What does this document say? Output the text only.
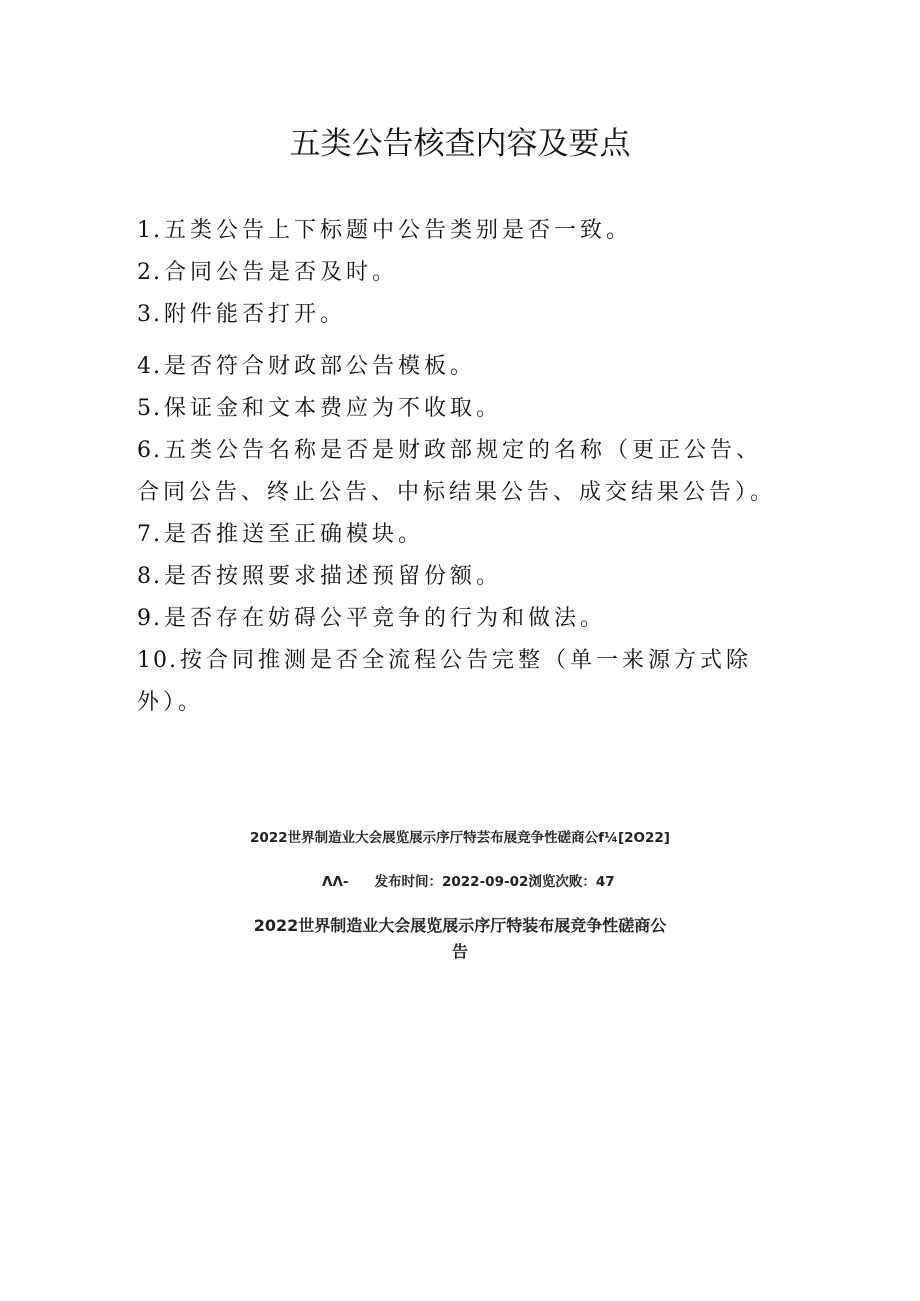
五类公告核查内容及要点
1.五类公告上下标题中公告类别是否一致。
2.合同公告是否及时。
3.附件能否打开。
4.是否符合财政部公告模板。
5.保证金和文本费应为不收取。
6.五类公告名称是否是财政部规定的名称（更正公告、合同公告、终止公告、中标结果公告、成交结果公告）。
7.是否推送至正确模块。
8.是否按照要求描述预留份额。
9.是否存在妨碍公平竞争的行为和做法。
10.按合同推测是否全流程公告完整（单一来源方式除外）。
2022世界制造业大会展览展示序厅特芸布展竞争性磋商公f¼[2O22]
ΛΛ- 发布时间：2022-09-02浏览次败：47
2022世界制造业大会展览展示序厅特装布展竞争性磋商公
告
